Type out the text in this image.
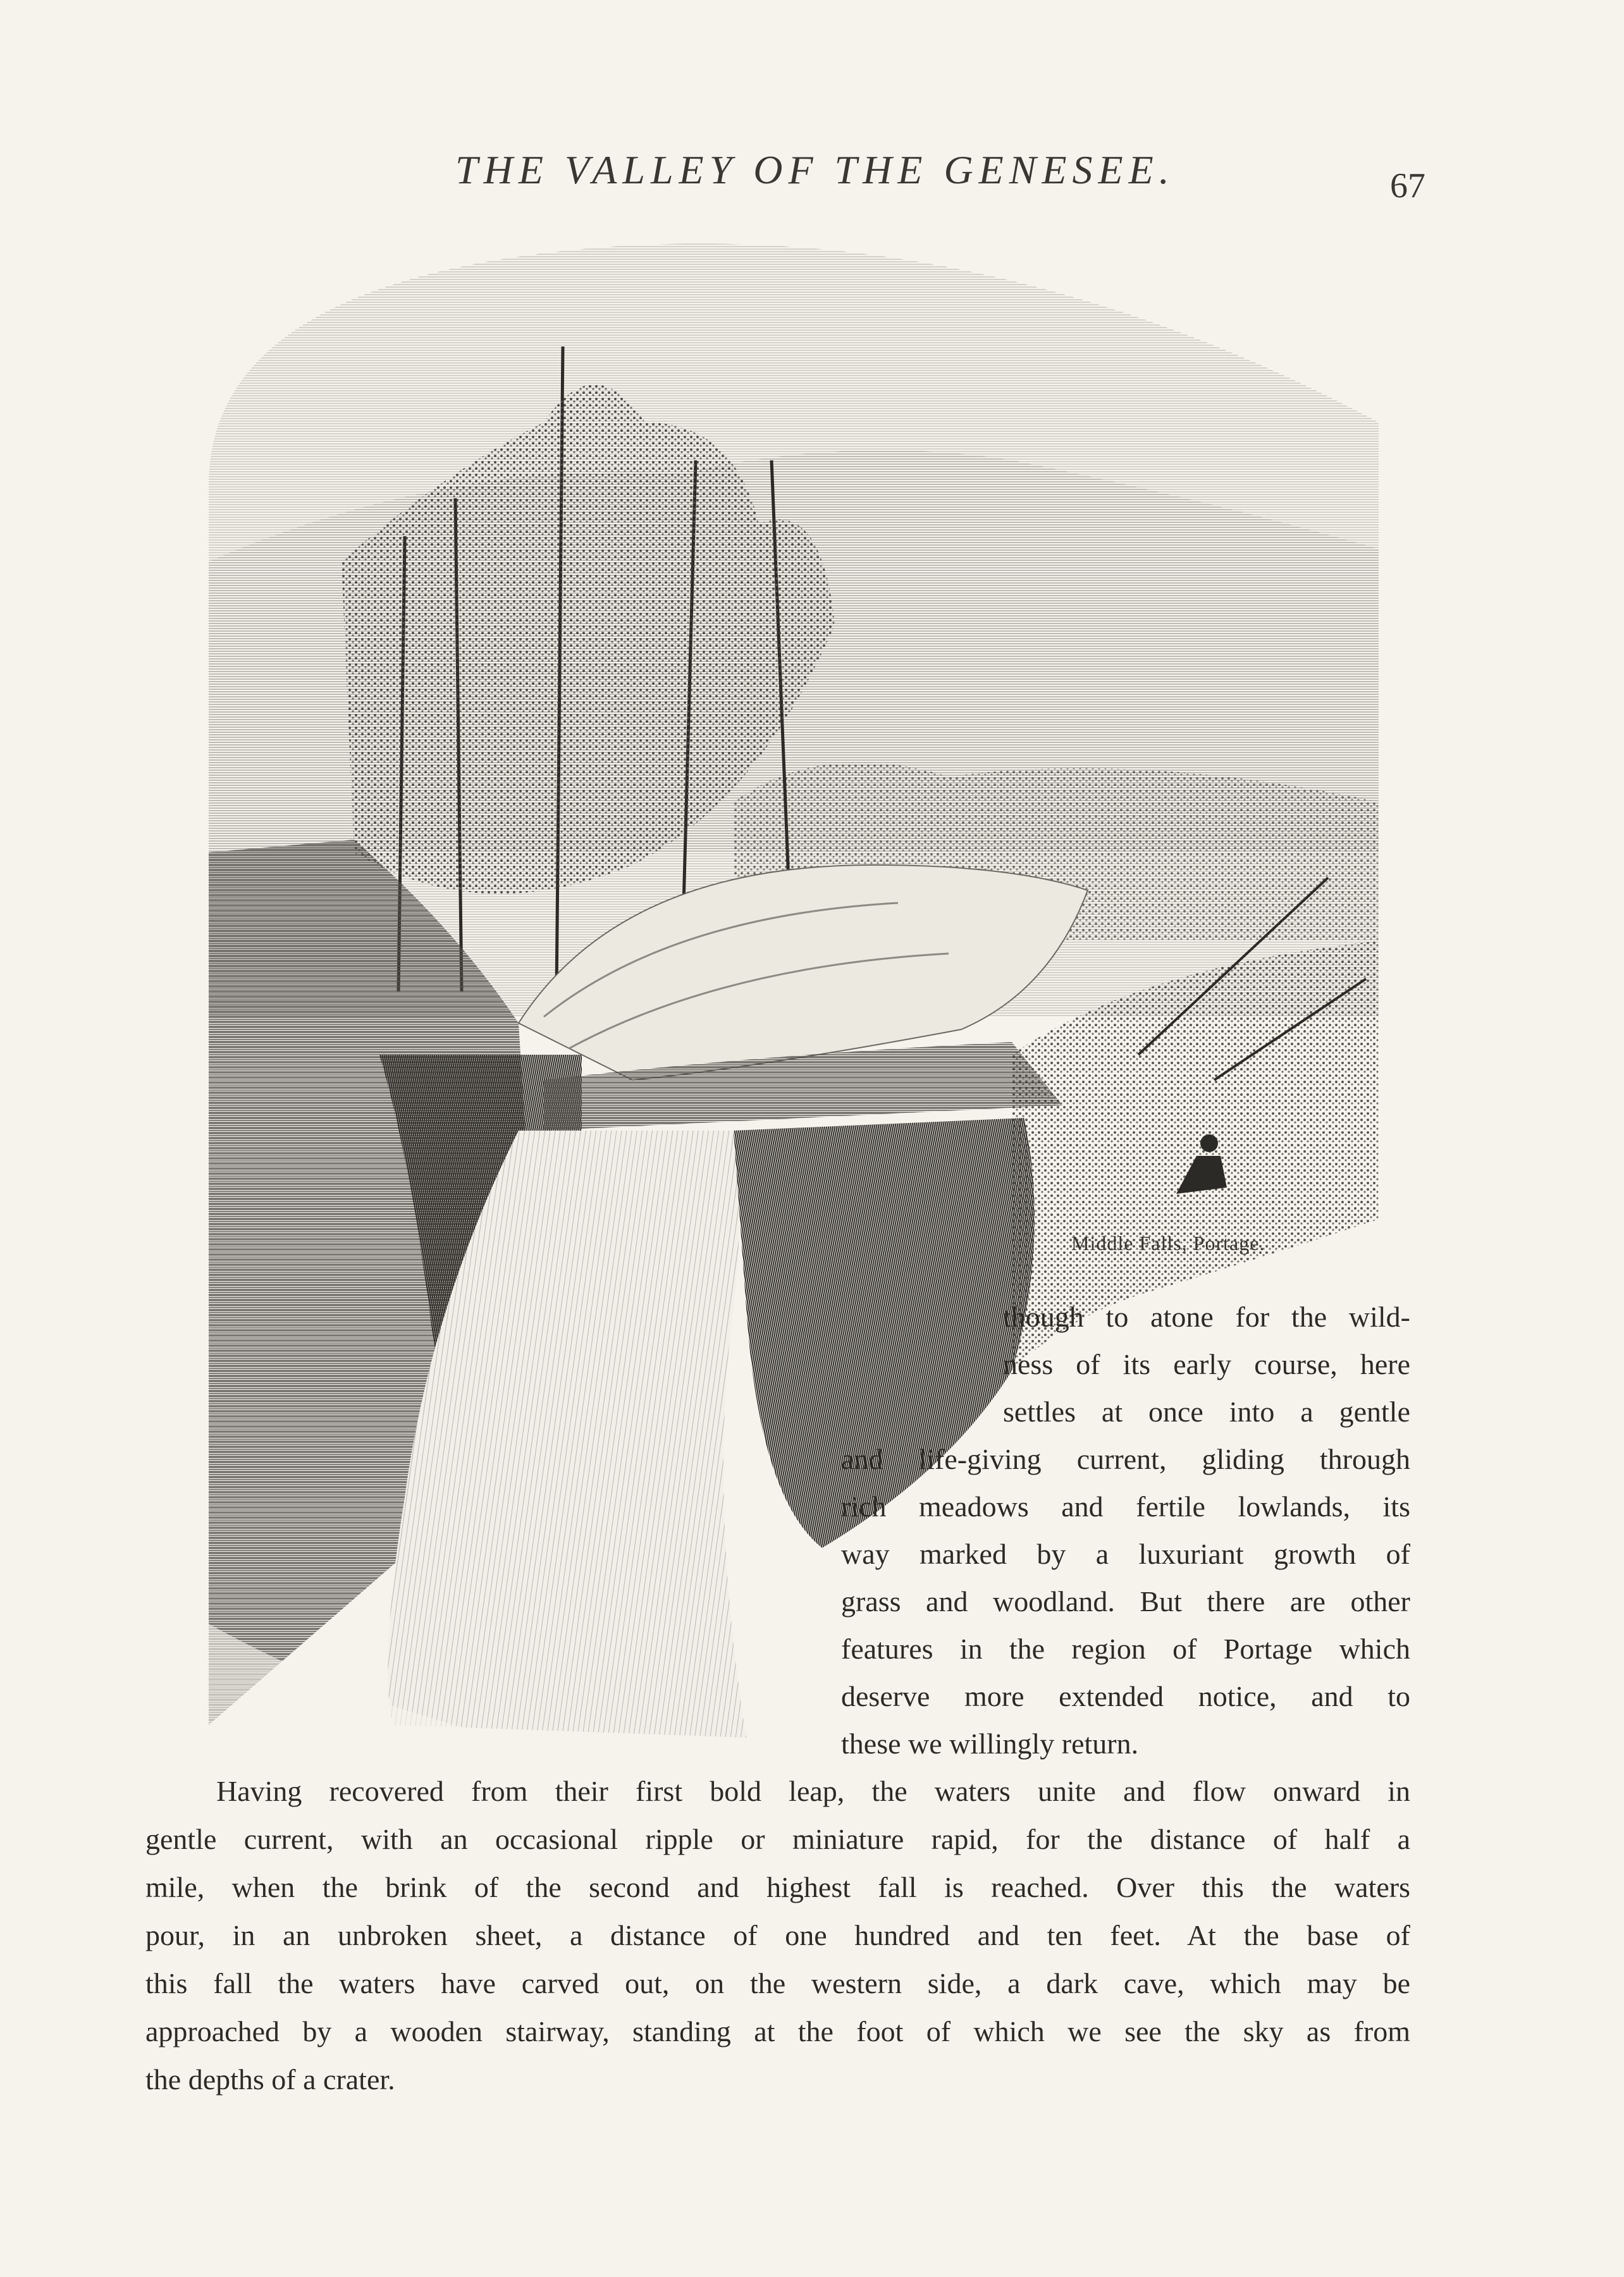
THE VALLEY OF THE GENESEE.	67
Middle Falls, Portage.
though to atone for the wild-
ness of its early course, here
settles at once into a gentle
and life-giving current, gliding through
rich meadows and fertile lowlands, its
way marked by a luxuriant growth of
grass and woodland. But there are other
features in the region of Portage which
deserve more extended notice, and to
these we willingly return.
Having recovered from their first bold leap, the waters unite and flow onward in
gentle current, with an occasional ripple or miniature rapid, for the distance of half a
mile, when the brink of the second and highest fall is reached. Over this the waters
pour, in an unbroken sheet, a distance of one hundred and ten feet. At the base of
this fall the waters have carved out, on the western side, a dark cave, which may be
approached by a wooden stairway, standing at the foot of which we see the sky as from
the depths of a crater.
